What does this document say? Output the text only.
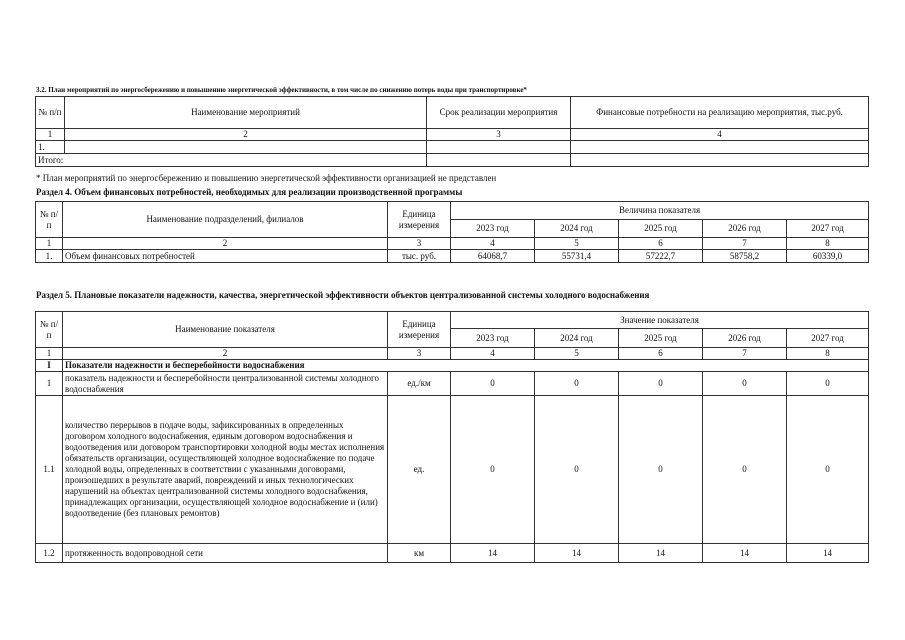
3.2. План мероприятий по энергосбережению и повышению энергетической эффективности, в том числе по снижению потерь воды при транспортировке*
№ п/п	Наименование мероприятий	Срок реализации мероприятия	Финансовые потребности на реализацию мероприятия, тыс.руб.
1	2	3	4
1.			
Итого:			
* План мероприятий по энергосбережению и повышению энергетической эффективности организацией не представлен
Раздел 4. Объем финансовых потребностей, необходимых для реализации производственной программы
№ п/п	Наименование подразделений, филиалов	Единица измерения	Величина показателя				
			2023 год	2024 год	2025 год	2026 год	2027 год
1	2	3	4	5	6	7	8
1.	Объем финансовых потребностей	тыс. руб.	64068,7	55731,4	57222,7	58758,2	60339,0
Раздел 5. Плановые показатели надежности, качества, энергетической эффективности объектов централизованной системы холодного водоснабжения
№ п/п	Наименование показателя	Единица измерения	Значение показателя				
			2023 год	2024 год	2025 год	2026 год	2027 год
1	2	3	4	5	6	7	8
I	Показатели надежности и бесперебойности водоснабжения						
1	показатель надежности и бесперебойности централизованной системы холодного водоснабжения	ед./км	0	0	0	0	0
1.1	количество перерывов в подаче воды, зафиксированных в определенных договором холодного водоснабжения, единым договором водоснабжения и водоотведения или договором транспортировки холодной воды местах исполнения обязательств организации, осуществляющей холодное водоснабжение по подаче холодной воды, определенных в соответствии с указанными договорами, произошедших в результате аварий, повреждений и иных технологических нарушений на объектах централизованной системы холодного водоснабжения, принадлежащих организации, осуществляющей холодное водоснабжение и (или) водоотведение (без плановых ремонтов)	ед.	0	0	0	0	0
1.2	протяженность водопроводной сети	км	14	14	14	14	14
